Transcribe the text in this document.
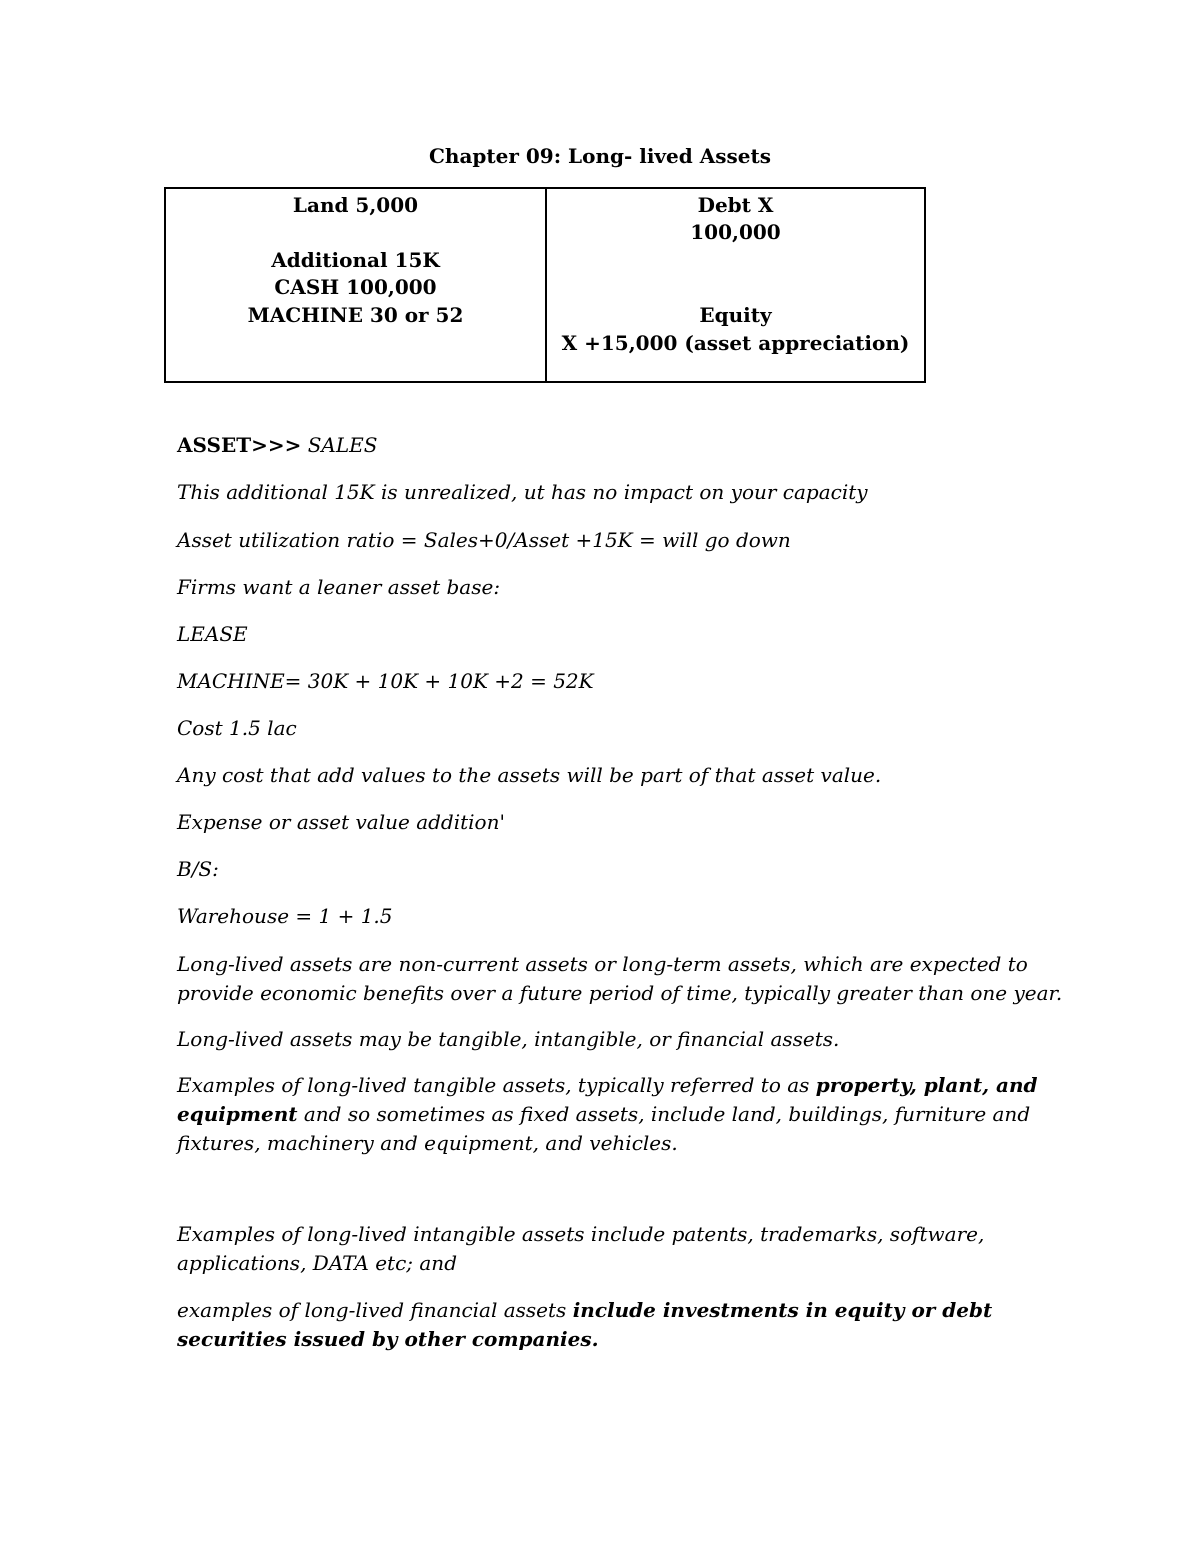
Chapter 09: Long- lived Assets
Land 5,000
Additional 15K
CASH 100,000
MACHINE 30 or 52
Debt X
100,000
Equity
X +15,000 (asset appreciation)
ASSET>>> SALES
This additional 15K is unrealized, ut has no impact on your capacity
Asset utilization ratio = Sales+0/Asset +15K = will go down
Firms want a leaner asset base:
LEASE
MACHINE= 30K + 10K + 10K +2 = 52K
Cost 1.5 lac
Any cost that add values to the assets will be part of that asset value.
Expense or asset value addition'
B/S:
Warehouse = 1 + 1.5
Long-lived assets are non-current assets or long-term assets, which are expected to
provide economic benefits over a future period of time, typically greater than one year.
Long-lived assets may be tangible, intangible, or financial assets.
Examples of long-lived tangible assets, typically referred to as property, plant, and
equipment and so sometimes as fixed assets, include land, buildings, furniture and
fixtures, machinery and equipment, and vehicles.
Examples of long-lived intangible assets include patents, trademarks, software,
applications, DATA etc; and
examples of long-lived financial assets include investments in equity or debt
securities issued by other companies.
